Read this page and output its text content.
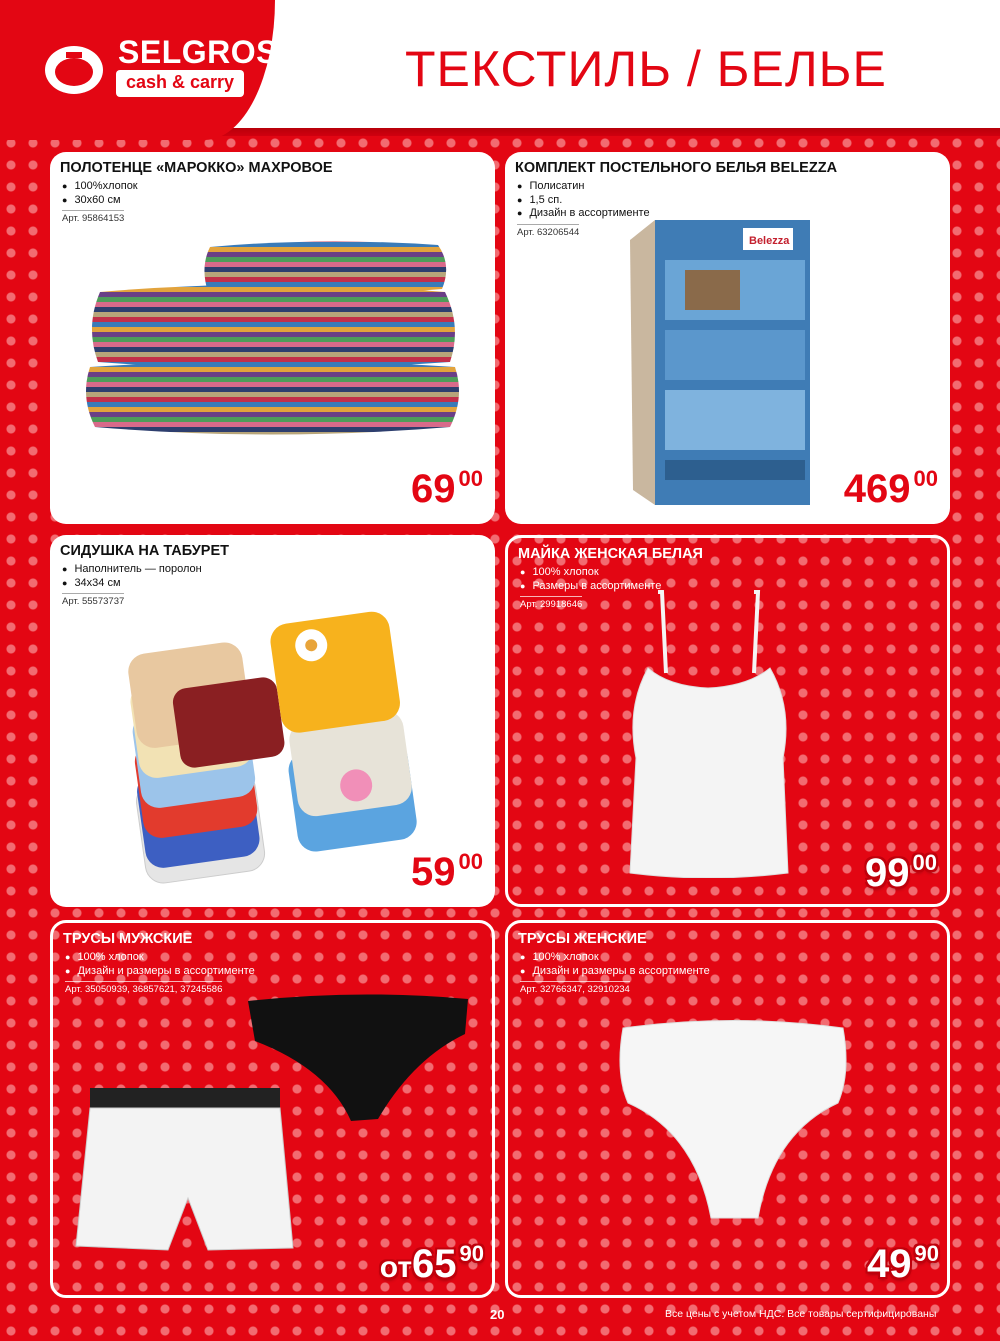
SELGROS
cash & carry	ТЕКСТИЛЬ / БЕЛЬЕ
ПОЛОТЕНЦЕ «МАРОККО» МАХРОВОЕ
● 100%хлопок
● 30х60 см
Арт. 95864153
69 $^{00}$
КОМПЛЕКТ ПОСТЕЛЬНОГО БЕЛЬЯ BELEZZA
● Полисатин
● 1,5 сп.
● Дизайн в ассортименте
Арт. 63206544
Belezza
469 $^{00}$
СИДУШКА НА ТАБУРЕТ
● Наполнитель — поролон
● 34х34 см
Арт. 55573737
59 $^{00}$
МАЙКА ЖЕНСКАЯ БЕЛАЯ
● 100% хлопок
● Размеры в ассортименте
Арт. 29918646
99 $^{00}$
ТРУСЫ МУЖСКИЕ
● 100% хлопок
● Дизайн и размеры в ассортименте
Арт. 35050939, 36857621, 37245586
от65 $^{90}$
ТРУСЫ ЖЕНСКИЕ
● 100% хлопок
● Дизайн и размеры в ассортименте
Арт. 32766347, 32910234
49 $^{90}$
20	Все цены с учетом НДС. Все товары сертифицированы
